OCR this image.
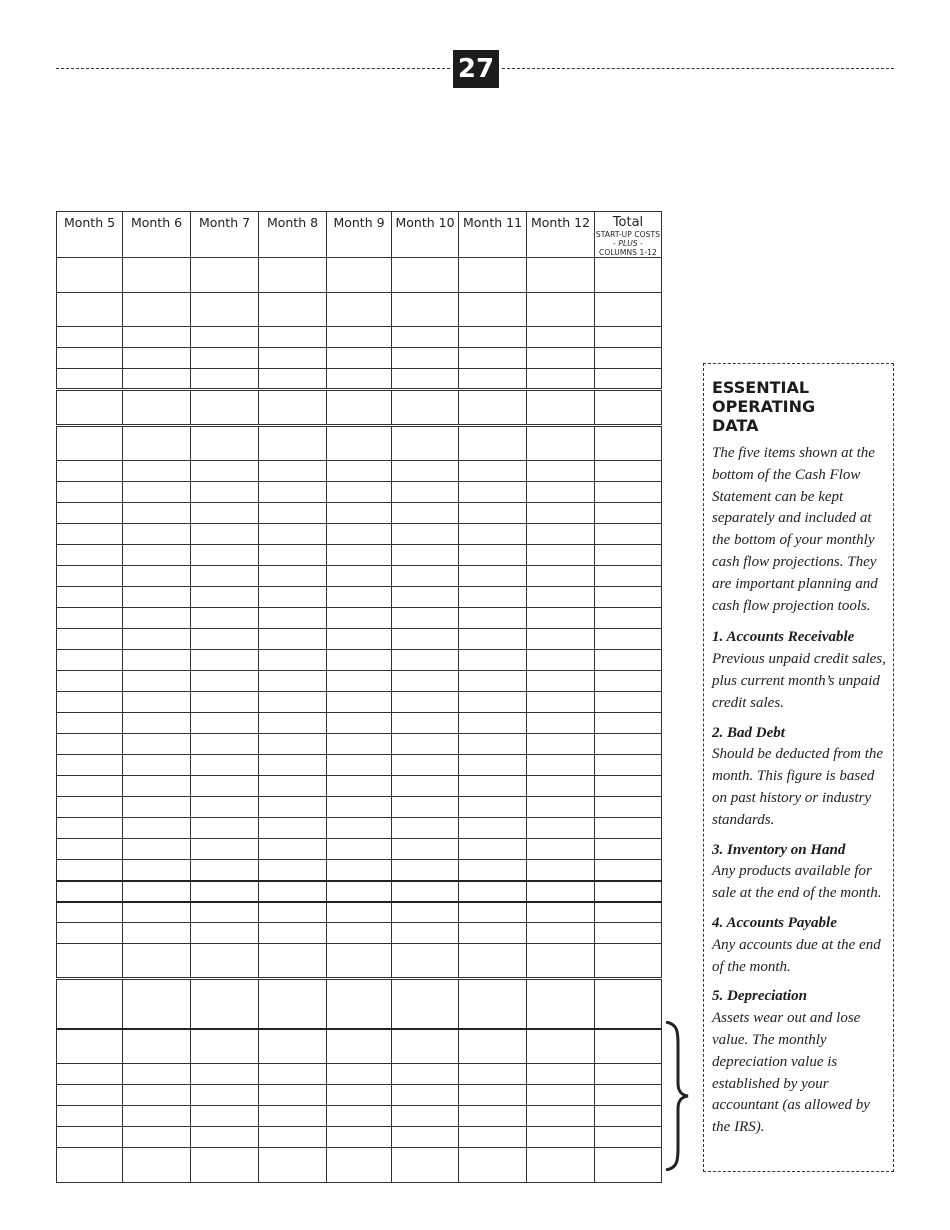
27
Month 5	Month 6	Month 7	Month 8	Month 9	Month 10	Month 11	Month 12	Total
START-UP COSTS
- PLUS -
COLUMNS 1-12

ESSENTIAL
OPERATING
DATA
The five items shown at the bottom of the Cash Flow Statement can be kept separately and included at the bottom of your monthly cash flow projections. They are important planning and cash flow projection tools.
1. Accounts Receivable
Previous unpaid credit sales, plus current month’s unpaid credit sales.
2. Bad Debt
Should be deducted from the month. This figure is based on past history or industry standards.
3. Inventory on Hand
Any products available for sale at the end of the month.
4. Accounts Payable
Any accounts due at the end of the month.
5. Depreciation
Assets wear out and lose value. The monthly depreciation value is established by your accountant (as allowed by the IRS).
